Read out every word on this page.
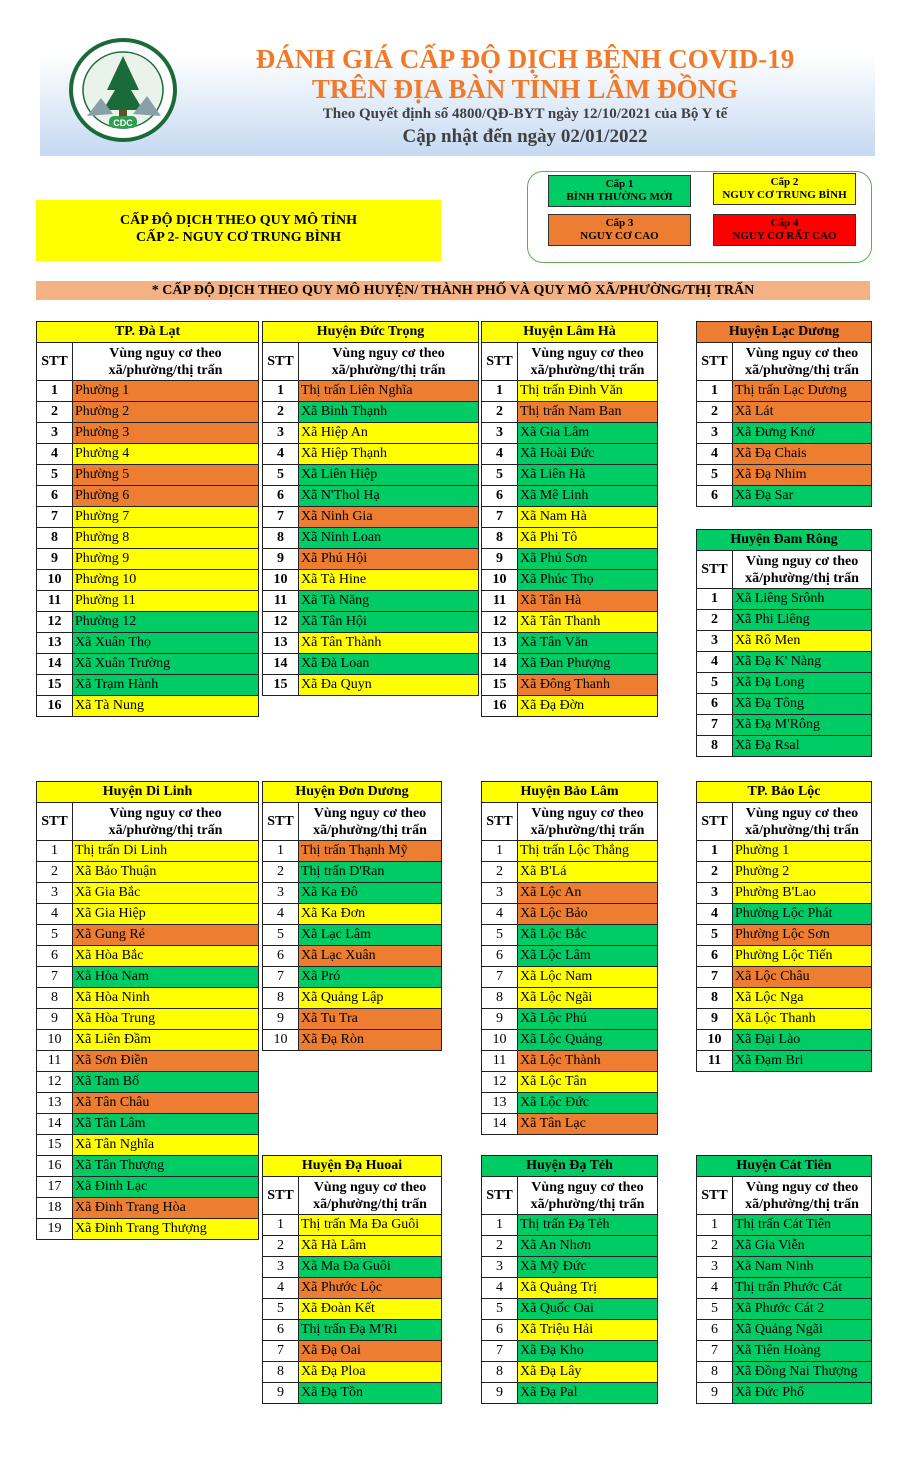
CDC
ĐÁNH GIÁ CẤP ĐỘ DỊCH BỆNH COVID-19
TRÊN ĐỊA BÀN TỈNH LÂM ĐỒNG
Theo Quyết định số 4800/QĐ-BYT ngày 12/10/2021 của Bộ Y tế
Cập nhật đến ngày 02/01/2022
Cấp 1
BÌNH THƯỜNG MỚI
Cấp 2
NGUY CƠ TRUNG BÌNH
Cấp 3
NGUY CƠ CAO
Cấp 4
NGUY CƠ RẤT CAO
CẤP ĐỘ DỊCH THEO QUY MÔ TỈNH
CẤP 2- NGUY CƠ TRUNG BÌNH
* CẤP ĐỘ DỊCH THEO QUY MÔ HUYỆN/ THÀNH PHỐ VÀ QUY MÔ XÃ/PHƯỜNG/THỊ TRẤN
TP. Đà Lạt	
STT	Vùng nguy cơ theo xã/phường/thị trấn
1	Phường 1
2	Phường 2
3	Phường 3
4	Phường 4
5	Phường 5
6	Phường 6
7	Phường 7
8	Phường 8
9	Phường 9
10	Phường 10
11	Phường 11
12	Phường 12
13	Xã Xuân Thọ
14	Xã Xuân Trường
15	Xã Trạm Hành
16	Xã Tà Nung
Huyện Đức Trọng	
STT	Vùng nguy cơ theo xã/phường/thị trấn
1	Thị trấn Liên Nghĩa
2	Xã Bình Thạnh
3	Xã Hiệp An
4	Xã Hiệp Thạnh
5	Xã Liên Hiệp
6	Xã N'Thol Hạ
7	Xã Ninh Gia
8	Xã Ninh Loan
9	Xã Phú Hội
10	Xã Tà Hine
11	Xã Tà Năng
12	Xã Tân Hội
13	Xã Tân Thành
14	Xã Đà Loan
15	Xã Đa Quyn
Huyện Lâm Hà	
STT	Vùng nguy cơ theo xã/phường/thị trấn
1	Thị trấn Đinh Văn
2	Thị trấn Nam Ban
3	Xã Gia Lâm
4	Xã Hoài Đức
5	Xã Liên Hà
6	Xã Mê Linh
7	Xã Nam Hà
8	Xã Phi Tô
9	Xã Phú Sơn
10	Xã Phúc Thọ
11	Xã Tân Hà
12	Xã Tân Thanh
13	Xã Tân Văn
14	Xã Đan Phượng
15	Xã Đông Thanh
16	Xã Đạ Đờn
Huyện Lạc Dương	
STT	Vùng nguy cơ theo xã/phường/thị trấn
1	Thị trấn Lạc Dương
2	Xã Lát
3	Xã Đưng Knớ
4	Xã Đạ Chais
5	Xã Đạ Nhim
6	Xã Đạ Sar
Huyện Đam Rông	
STT	Vùng nguy cơ theo xã/phường/thị trấn
1	Xã Liêng Srônh
2	Xã Phi Liêng
3	Xã Rô Men
4	Xã Đạ K' Nàng
5	Xã Đạ Long
6	Xã Đạ Tông
7	Xã Đạ M'Rông
8	Xã Đạ Rsal
Huyện Di Linh	
STT	Vùng nguy cơ theo xã/phường/thị trấn
1	Thị trấn Di Linh
2	Xã Bảo Thuận
3	Xã Gia Bắc
4	Xã Gia Hiệp
5	Xã Gung Ré
6	Xã Hòa Bắc
7	Xã Hòa Nam
8	Xã Hòa Ninh
9	Xã Hòa Trung
10	Xã Liên Đầm
11	Xã Sơn Điền
12	Xã Tam Bố
13	Xã Tân Châu
14	Xã Tân Lâm
15	Xã Tân Nghĩa
16	Xã Tân Thượng
17	Xã Đinh Lạc
18	Xã Đinh Trang Hòa
19	Xã Đinh Trang Thượng
Huyện Đơn Dương	
STT	Vùng nguy cơ theo xã/phường/thị trấn
1	Thị trấn Thạnh Mỹ
2	Thị trấn D'Ran
3	Xã Ka Đô
4	Xã Ka Đơn
5	Xã Lạc Lâm
6	Xã Lạc Xuân
7	Xã Pró
8	Xã Quảng Lập
9	Xã Tu Tra
10	Xã Đạ Ròn
Huyện Bảo Lâm	
STT	Vùng nguy cơ theo xã/phường/thị trấn
1	Thị trấn Lộc Thắng
2	Xã B'Lá
3	Xã Lộc An
4	Xã Lộc Bảo
5	Xã Lộc Bắc
6	Xã Lộc Lâm
7	Xã Lộc Nam
8	Xã Lộc Ngãi
9	Xã Lộc Phú
10	Xã Lộc Quảng
11	Xã Lộc Thành
12	Xã Lộc Tân
13	Xã Lộc Đức
14	Xã Tân Lạc
TP. Bảo Lộc	
STT	Vùng nguy cơ theo xã/phường/thị trấn
1	Phường 1
2	Phường 2
3	Phường B'Lao
4	Phường Lộc Phát
5	Phường Lộc Sơn
6	Phường Lộc Tiến
7	Xã Lộc Châu
8	Xã Lộc Nga
9	Xã Lộc Thanh
10	Xã Đại Lào
11	Xã Đạm Bri
Huyện Đạ Huoai	
STT	Vùng nguy cơ theo xã/phường/thị trấn
1	Thị trấn Ma Đa Guôi
2	Xã Hà Lâm
3	Xã Ma Đa Guôi
4	Xã Phước Lộc
5	Xã Đoàn Kết
6	Thị trấn Đạ M'Ri
7	Xã Đạ Oai
8	Xã Đạ Ploa
9	Xã Đạ Tồn
Huyện Đạ Tẻh	
STT	Vùng nguy cơ theo xã/phường/thị trấn
1	Thị trấn Đạ Tẻh
2	Xã An Nhơn
3	Xã Mỹ Đức
4	Xã Quảng Trị
5	Xã Quốc Oai
6	Xã Triệu Hải
7	Xã Đạ Kho
8	Xã Đạ Lây
9	Xã Đạ Pal
Huyện Cát Tiên	
STT	Vùng nguy cơ theo xã/phường/thị trấn
1	Thị trấn Cát Tiên
2	Xã Gia Viễn
3	Xã Nam Ninh
4	Thị trấn Phước Cát
5	Xã Phước Cát 2
6	Xã Quảng Ngãi
7	Xã Tiên Hoàng
8	Xã Đồng Nai Thượng
9	Xã Đức Phổ
